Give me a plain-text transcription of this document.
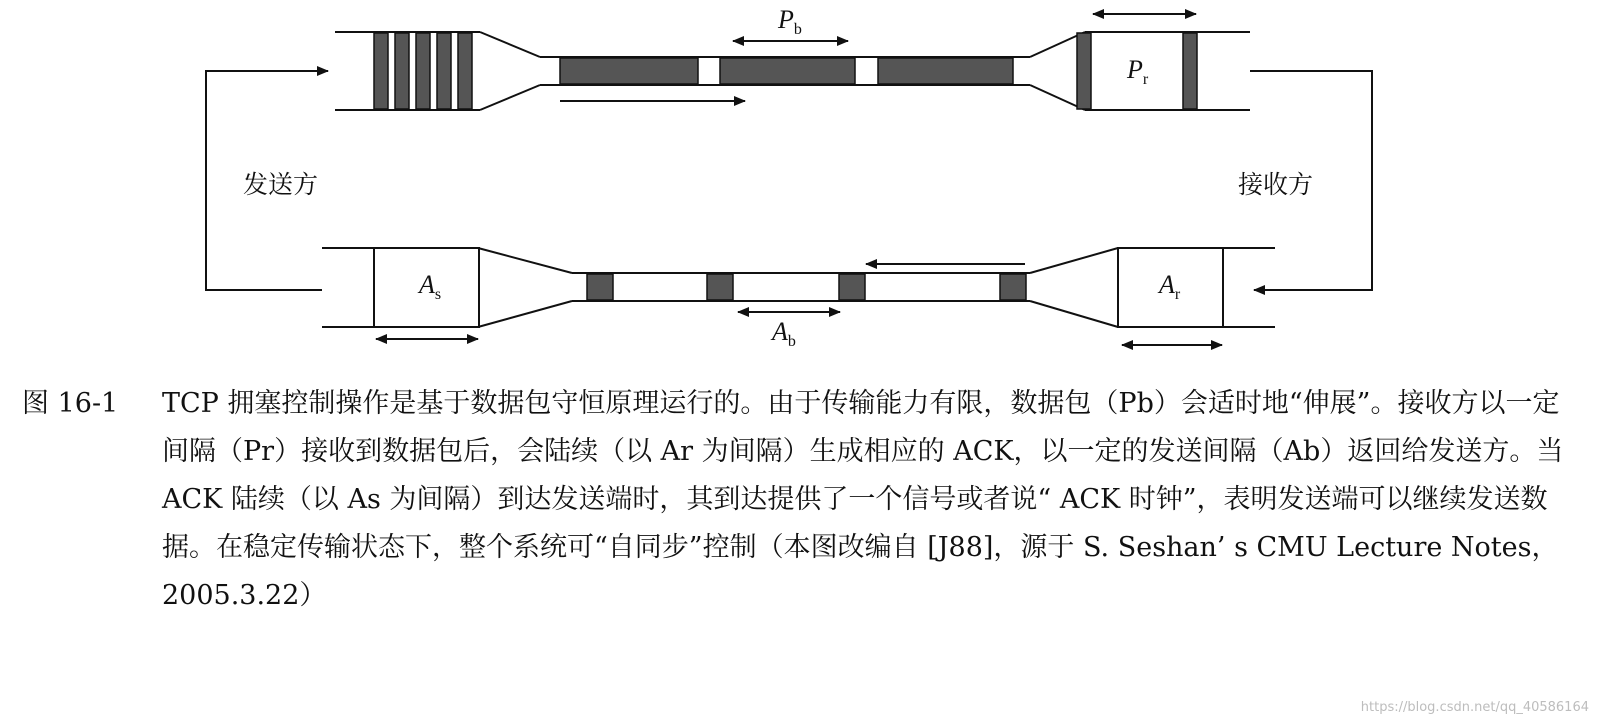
$P_b$
$P_r$
$A_b$
$A_s$	$A_r$
发送方	接收方
图 16-1	TCP 拥塞控制操作是基于数据包守恒原理运行的。由于传输能力有限，数据包（Pb）会适时地“伸展”。接收方以一定间隔（Pr）接收到数据包后，会陆续（以 Ar 为间隔）生成相应的 ACK，以一定的发送间隔（Ab）返回给发送方。当 ACK 陆续（以 As 为间隔）到达发送端时，其到达提供了一个信号或者说“ ACK 时钟”，表明发送端可以继续发送数据。在稳定传输状态下，整个系统可“自同步”控制（本图改编自 [J88]，源于 S. Seshan’ s CMU Lecture Notes，2005.3.22）
https://blog.csdn.net/qq_40586164
